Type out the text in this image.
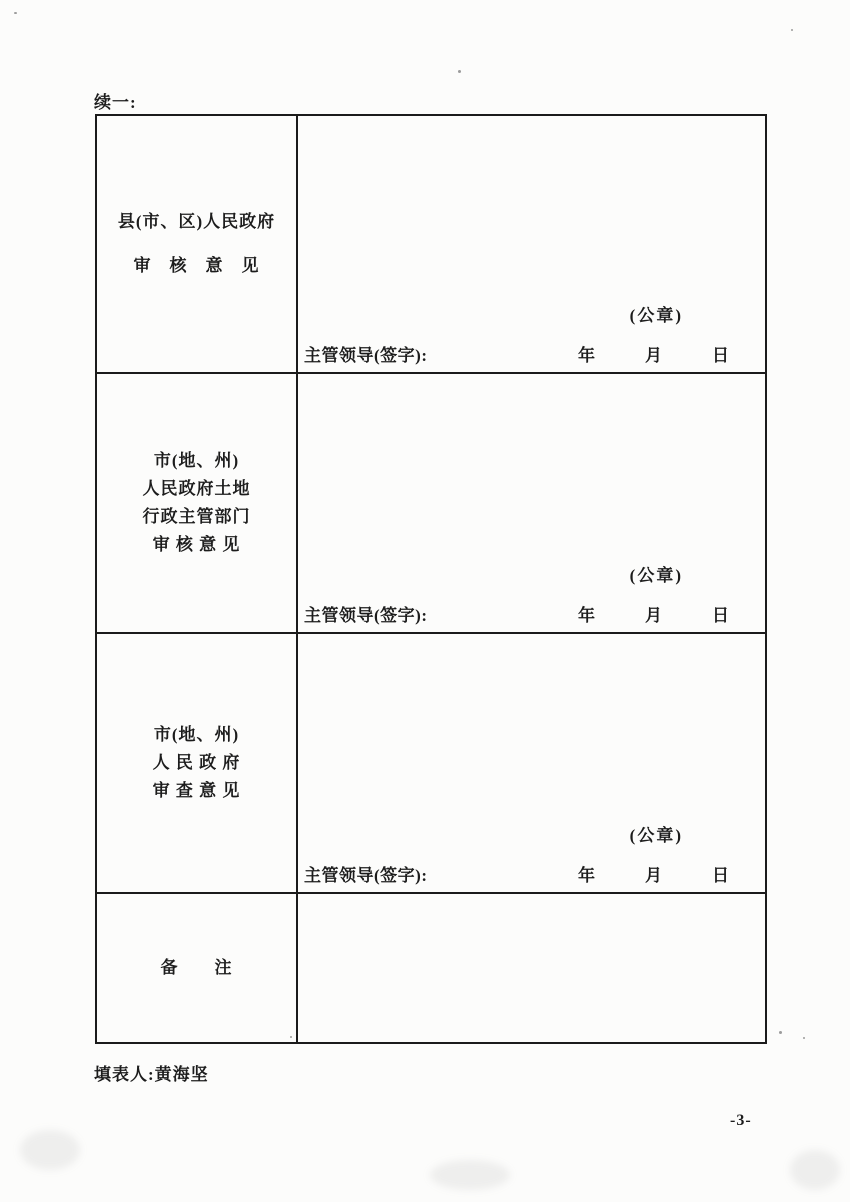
续一:
县(市、区)人民政府
审　核　意　见
(公章)
主管领导(签字):	年	月	日
市(地、州)
人民政府土地
行政主管部门
审 核 意 见
(公章)
主管领导(签字):	年	月	日
市(地、州)
人 民 政 府
审 查 意 见
(公章)
主管领导(签字):	年	月	日
备　　注
填表人:黄海坚
-3-
